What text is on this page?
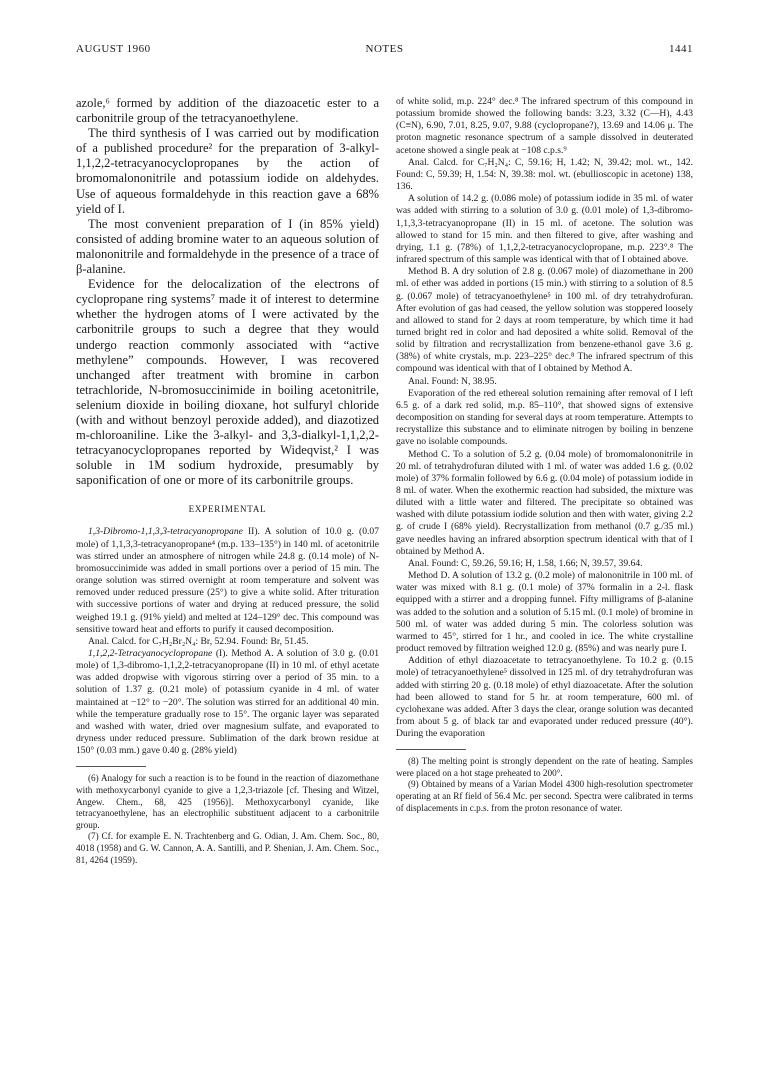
AUGUST 1960	NOTES	1441

azole,⁶ formed by addition of the diazoacetic ester to a carbonitrile group of the tetracyanoethylene.

The third synthesis of I was carried out by modification of a published procedure² for the preparation of 3-alkyl-1,1,2,2-tetracyanocyclopropanes by the action of bromomalononitrile and potassium iodide on aldehydes. Use of aqueous formaldehyde in this reaction gave a 68% yield of I.

The most convenient preparation of I (in 85% yield) consisted of adding bromine water to an aqueous solution of malononitrile and formaldehyde in the presence of a trace of β-alanine.

Evidence for the delocalization of the electrons of cyclopropane ring systems⁷ made it of interest to determine whether the hydrogen atoms of I were activated by the carbonitrile groups to such a degree that they would undergo reaction commonly associated with “active methylene” compounds. However, I was recovered unchanged after treatment with bromine in carbon tetrachloride, N-bromosuccinimide in boiling acetonitrile, selenium dioxide in boiling dioxane, hot sulfuryl chloride (with and without benzoyl peroxide added), and diazotized m-chloroaniline. Like the 3-alkyl- and 3,3-dialkyl-1,1,2,2-tetracyanocyclopropanes reported by Wideqvist,² I was soluble in 1M sodium hydroxide, presumably by saponification of one or more of its carbonitrile groups.

EXPERIMENTAL

1,3-Dibromo-1,1,3,3-tetracyanopropane II). A solution of 10.0 g. (0.07 mole) of 1,1,3,3-tetracyanopropane⁴ (m.p. 133–135°) in 140 ml. of acetonitrile was stirred under an atmosphere of nitrogen while 24.8 g. (0.14 mole) of N-bromosuccinimide was added in small portions over a period of 15 min. The orange solution was stirred overnight at room temperature and solvent was removed under reduced pressure (25°) to give a white solid. After trituration with successive portions of water and drying at reduced pressure, the solid weighed 19.1 g. (91% yield) and melted at 124–129° dec. This compound was sensitive toward heat and efforts to purify it caused decomposition.

Anal. Calcd. for C₇H₂Br₂N₄: Br, 52.94. Found: Br, 51.45.

1,1,2,2-Tetracyanocyclopropane (I). Method A. A solution of 3.0 g. (0.01 mole) of 1,3-dibromo-1,1,2,2-tetracyanopropane (II) in 10 ml. of ethyl acetate was added dropwise with vigorous stirring over a period of 35 min. to a solution of 1.37 g. (0.21 mole) of potassium cyanide in 4 ml. of water maintained at −12° to −20°. The solution was stirred for an additional 40 min. while the temperature gradually rose to 15°. The organic layer was separated and washed with water, dried over magnesium sulfate, and evaporated to dryness under reduced pressure. Sublimation of the dark brown residue at 150° (0.03 mm.) gave 0.40 g. (28% yield)

(6) Analogy for such a reaction is to be found in the reaction of diazomethane with methoxycarbonyl cyanide to give a 1,2,3-triazole [cf. Thesing and Witzel, Angew. Chem., 68, 425 (1956)]. Methoxycarbonyl cyanide, like tetracyanoethylene, has an electrophilic substituent adjacent to a carbonitrile group.

(7) Cf. for example E. N. Trachtenberg and G. Odian, J. Am. Chem. Soc., 80, 4018 (1958) and G. W. Cannon, A. A. Santilli, and P. Shenian, J. Am. Chem. Soc., 81, 4264 (1959).

of white solid, m.p. 224° dec.⁸ The infrared spectrum of this compound in potassium bromide showed the following bands: 3.23, 3.32 (C—H), 4.43 (C≡N), 6.90, 7.01, 8.25, 9.07, 9.88 (cyclopropane?), 13.69 and 14.06 μ. The proton magnetic resonance spectrum of a sample dissolved in deuterated acetone showed a single peak at −108 c.p.s.⁹

Anal. Calcd. for C₇H₂N₄: C, 59.16; H, 1.42; N, 39.42; mol. wt., 142. Found: C, 59.39; H, 1.54: N, 39.38: mol. wt. (ebullioscopic in acetone) 138, 136.

A solution of 14.2 g. (0.086 mole) of potassium iodide in 35 ml. of water was added with stirring to a solution of 3.0 g. (0.01 mole) of 1,3-dibromo-1,1,3,3-tetracyanopropane (II) in 15 ml. of acetone. The solution was allowed to stand for 15 min. and then filtered to give, after washing and drying, 1.1 g. (78%) of 1,1,2,2-tetracyanocyclopropane, m.p. 223°.⁸ The infrared spectrum of this sample was identical with that of I obtained above.

Method B. A dry solution of 2.8 g. (0.067 mole) of diazomethane in 200 ml. of ether was added in portions (15 min.) with stirring to a solution of 8.5 g. (0.067 mole) of tetracyanoethylene⁵ in 100 ml. of dry tetrahydrofuran. After evolution of gas had ceased, the yellow solution was stoppered loosely and allowed to stand for 2 days at room temperature, by which time it had turned bright red in color and had deposited a white solid. Removal of the solid by filtration and recrystallization from benzene-ethanol gave 3.6 g. (38%) of white crystals, m.p. 223–225° dec.⁸ The infrared spectrum of this compound was identical with that of I obtained by Method A.

Anal. Found: N, 38.95.

Evaporation of the red ethereal solution remaining after removal of I left 6.5 g. of a dark red solid, m.p. 85–110°, that showed signs of extensive decomposition on standing for several days at room temperature. Attempts to recrystallize this substance and to eliminate nitrogen by boiling in benzene gave no isolable compounds.

Method C. To a solution of 5.2 g. (0.04 mole) of bromomalononitrile in 20 ml. of tetrahydrofuran diluted with 1 ml. of water was added 1.6 g. (0.02 mole) of 37% formalin followed by 6.6 g. (0.04 mole) of potassium iodide in 8 ml. of water. When the exothermic reaction had subsided, the mixture was diluted with a little water and filtered. The precipitate so obtained was washed with dilute potassium iodide solution and then with water, giving 2.2 g. of crude I (68% yield). Recrystallization from methanol (0.7 g./35 ml.) gave needles having an infrared absorption spectrum identical with that of I obtained by Method A.

Anal. Found: C, 59.26, 59.16; H, 1.58, 1.66; N, 39.57, 39.64.

Method D. A solution of 13.2 g. (0.2 mole) of malononitrile in 100 ml. of water was mixed with 8.1 g. (0.1 mole) of 37% formalin in a 2-l. flask equipped with a stirrer and a dropping funnel. Fifty milligrams of β-alanine was added to the solution and a solution of 5.15 ml. (0.1 mole) of bromine in 500 ml. of water was added during 5 min. The colorless solution was warmed to 45°, stirred for 1 hr., and cooled in ice. The white crystalline product removed by filtration weighed 12.0 g. (85%) and was nearly pure I.

Addition of ethyl diazoacetate to tetracyanoethylene. To 10.2 g. (0.15 mole) of tetracyanoethylene⁵ dissolved in 125 ml. of dry tetrahydrofuran was added with stirring 20 g. (0.18 mole) of ethyl diazoacetate. After the solution had been allowed to stand for 5 hr. at room temperature, 600 ml. of cyclohexane was added. After 3 days the clear, orange solution was decanted from about 5 g. of black tar and evaporated under reduced pressure (40°). During the evaporation

(8) The melting point is strongly dependent on the rate of heating. Samples were placed on a hot stage preheated to 200°.

(9) Obtained by means of a Varian Model 4300 high-resolution spectrometer operating at an Rf field of 56.4 Mc. per second. Spectra were calibrated in terms of displacements in c.p.s. from the proton resonance of water.
